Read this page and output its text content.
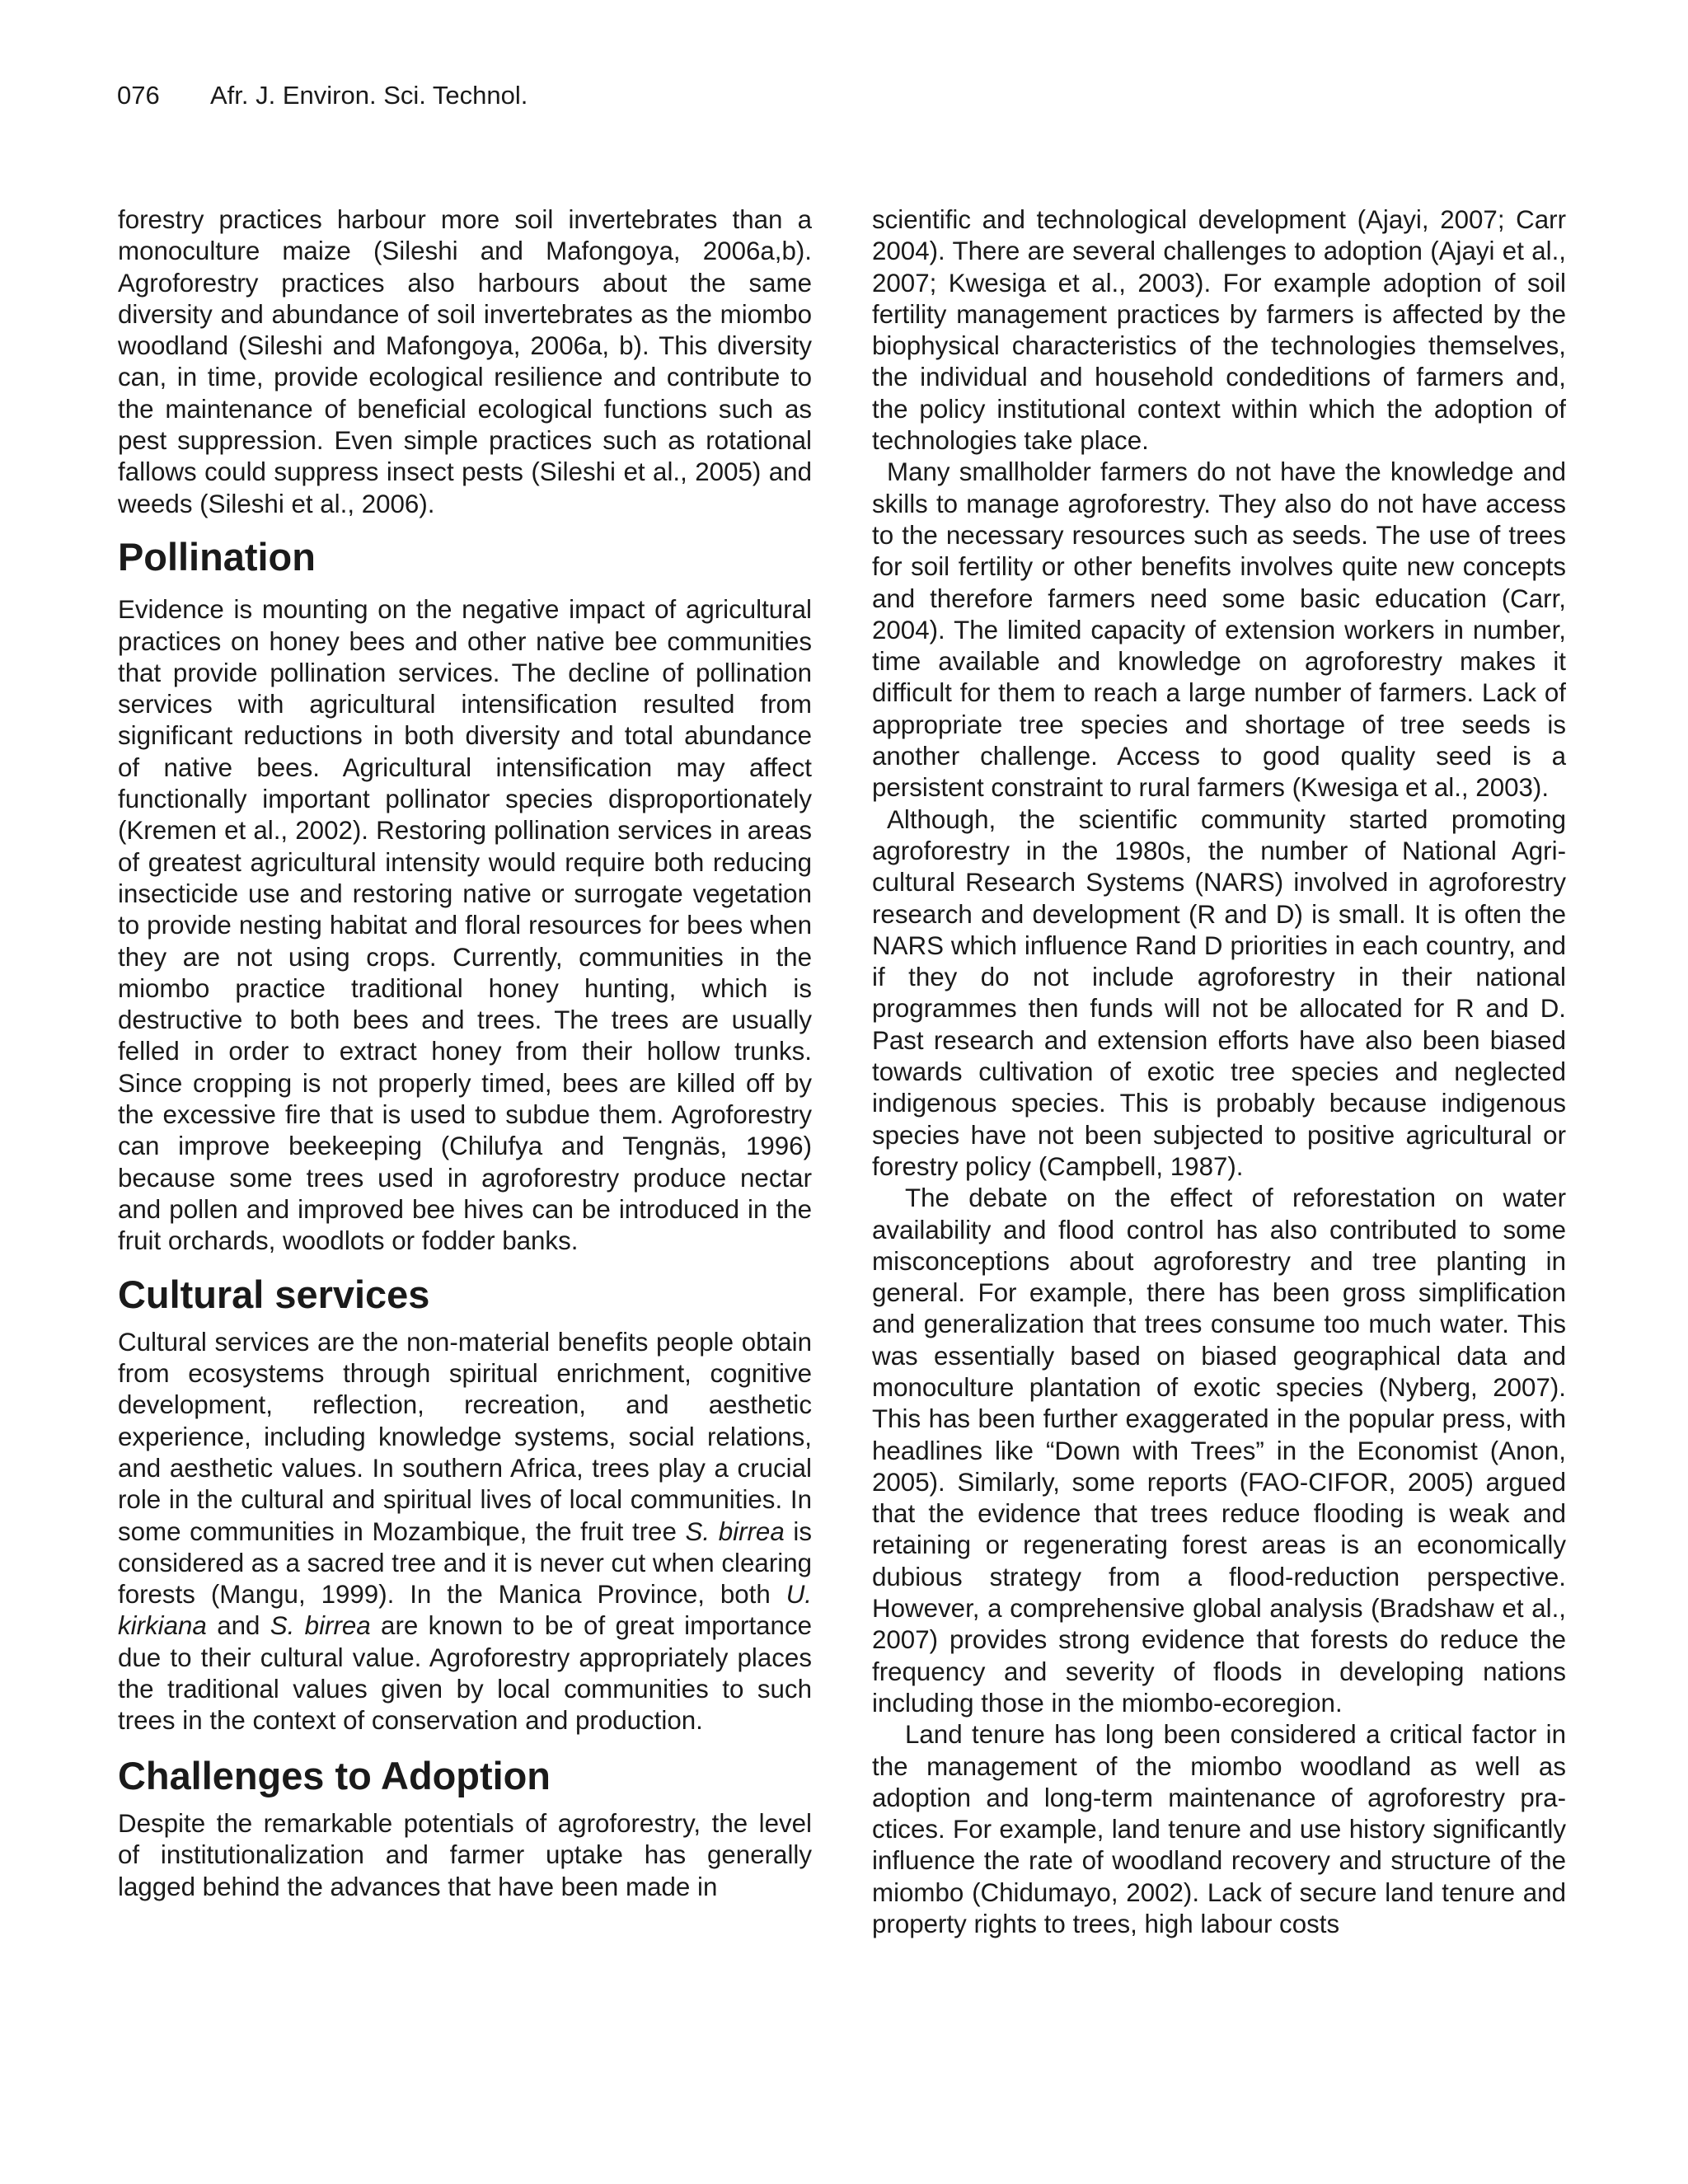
076 Afr. J. Environ. Sci. Technol.

forestry practices harbour more soil invertebrates than a monoculture maize (Sileshi and Mafongoya, 2006a,b). Agroforestry practices also harbours about the same diversity and abundance of soil invertebrates as the miombo woodland (Sileshi and Mafongoya, 2006a, b). This diversity can, in time, provide ecological resilience and contribute to the maintenance of beneficial ecological functions such as pest suppression. Even simple practices such as rotational fallows could suppress insect pests (Sileshi et al., 2005) and weeds (Sileshi et al., 2006).

Pollination

Evidence is mounting on the negative impact of agricultural practices on honey bees and other native bee communities that provide pollination services. The decline of pollination services with agricultural intensification resulted from significant reductions in both diversity and total abundance of native bees. Agricultural intensification may affect functionally important pollinator species disproportionately (Kremen et al., 2002). Restoring pollination services in areas of greatest agricultural intensity would require both reducing insecticide use and restoring native or surrogate vegetation to provide nesting habitat and floral resources for bees when they are not using crops. Currently, communities in the miombo practice traditional honey hunting, which is destructive to both bees and trees. The trees are usually felled in order to extract honey from their hollow trunks. Since cropping is not properly timed, bees are killed off by the excessive fire that is used to subdue them. Agroforestry can improve beekeeping (Chilufya and Tengnäs, 1996) because some trees used in agroforestry produce nectar and pollen and improved bee hives can be introduced in the fruit orchards, woodlots or fodder banks.

Cultural services

Cultural services are the non-material benefits people obtain from ecosystems through spiritual enrichment, cognitive development, reflection, recreation, and aesthetic experience, including knowledge systems, social relations, and aesthetic values. In southern Africa, trees play a crucial role in the cultural and spiritual lives of local communities. In some communities in Mozambique, the fruit tree S. birrea is considered as a sacred tree and it is never cut when clearing forests (Mangu, 1999). In the Manica Province, both U. kirkiana and S. birrea are known to be of great importance due to their cultural value. Agroforestry appropriately places the traditional values given by local communities to such trees in the context of conservation and production.

Challenges to Adoption

Despite the remarkable potentials of agroforestry, the level of institutionalization and farmer uptake has generally lagged behind the advances that have been made in

scientific and technological development (Ajayi, 2007; Carr 2004). There are several challenges to adoption (Ajayi et al., 2007; Kwesiga et al., 2003). For example adoption of soil fertility management practices by farmers is affected by the biophysical characteristics of the technologies themselves, the individual and household condeditions of farmers and, the policy institutional context within which the adoption of technologies take place.

Many smallholder farmers do not have the knowledge and skills to manage agroforestry. They also do not have access to the necessary resources such as seeds. The use of trees for soil fertility or other benefits involves quite new concepts and therefore farmers need some basic education (Carr, 2004). The limited capacity of extension workers in number, time available and knowledge on agroforestry makes it difficult for them to reach a large number of farmers. Lack of appropriate tree species and shortage of tree seeds is another challenge. Access to good quality seed is a persistent constraint to rural farmers (Kwesiga et al., 2003).

Although, the scientific community started promoting agroforestry in the 1980s, the number of National Agricultural Research Systems (NARS) involved in agroforestry research and development (R and D) is small. It is often the NARS which influence Rand D priorities in each country, and if they do not include agroforestry in their national programmes then funds will not be allocated for R and D. Past research and extension efforts have also been biased towards cultivation of exotic tree species and neglected indigenous species. This is probably because indigenous species have not been subjected to positive agricultural or forestry policy (Campbell, 1987).

The debate on the effect of reforestation on water availability and flood control has also contributed to some misconceptions about agroforestry and tree planting in general. For example, there has been gross simplification and generalization that trees consume too much water. This was essentially based on biased geographical data and monoculture plantation of exotic species (Nyberg, 2007). This has been further exaggerated in the popular press, with headlines like “Down with Trees” in the Economist (Anon, 2005). Similarly, some reports (FAO-CIFOR, 2005) argued that the evidence that trees reduce flooding is weak and retaining or regenerating forest areas is an economically dubious strategy from a flood-reduction perspective. However, a comprehensive global analysis (Bradshaw et al., 2007) provides strong evidence that forests do reduce the frequency and severity of floods in developing nations including those in the miombo-ecoregion.

Land tenure has long been considered a critical factor in the management of the miombo woodland as well as adoption and long-term maintenance of agroforestry practices. For example, land tenure and use history significantly influence the rate of woodland recovery and structure of the miombo (Chidumayo, 2002). Lack of secure land tenure and property rights to trees, high labour costs
